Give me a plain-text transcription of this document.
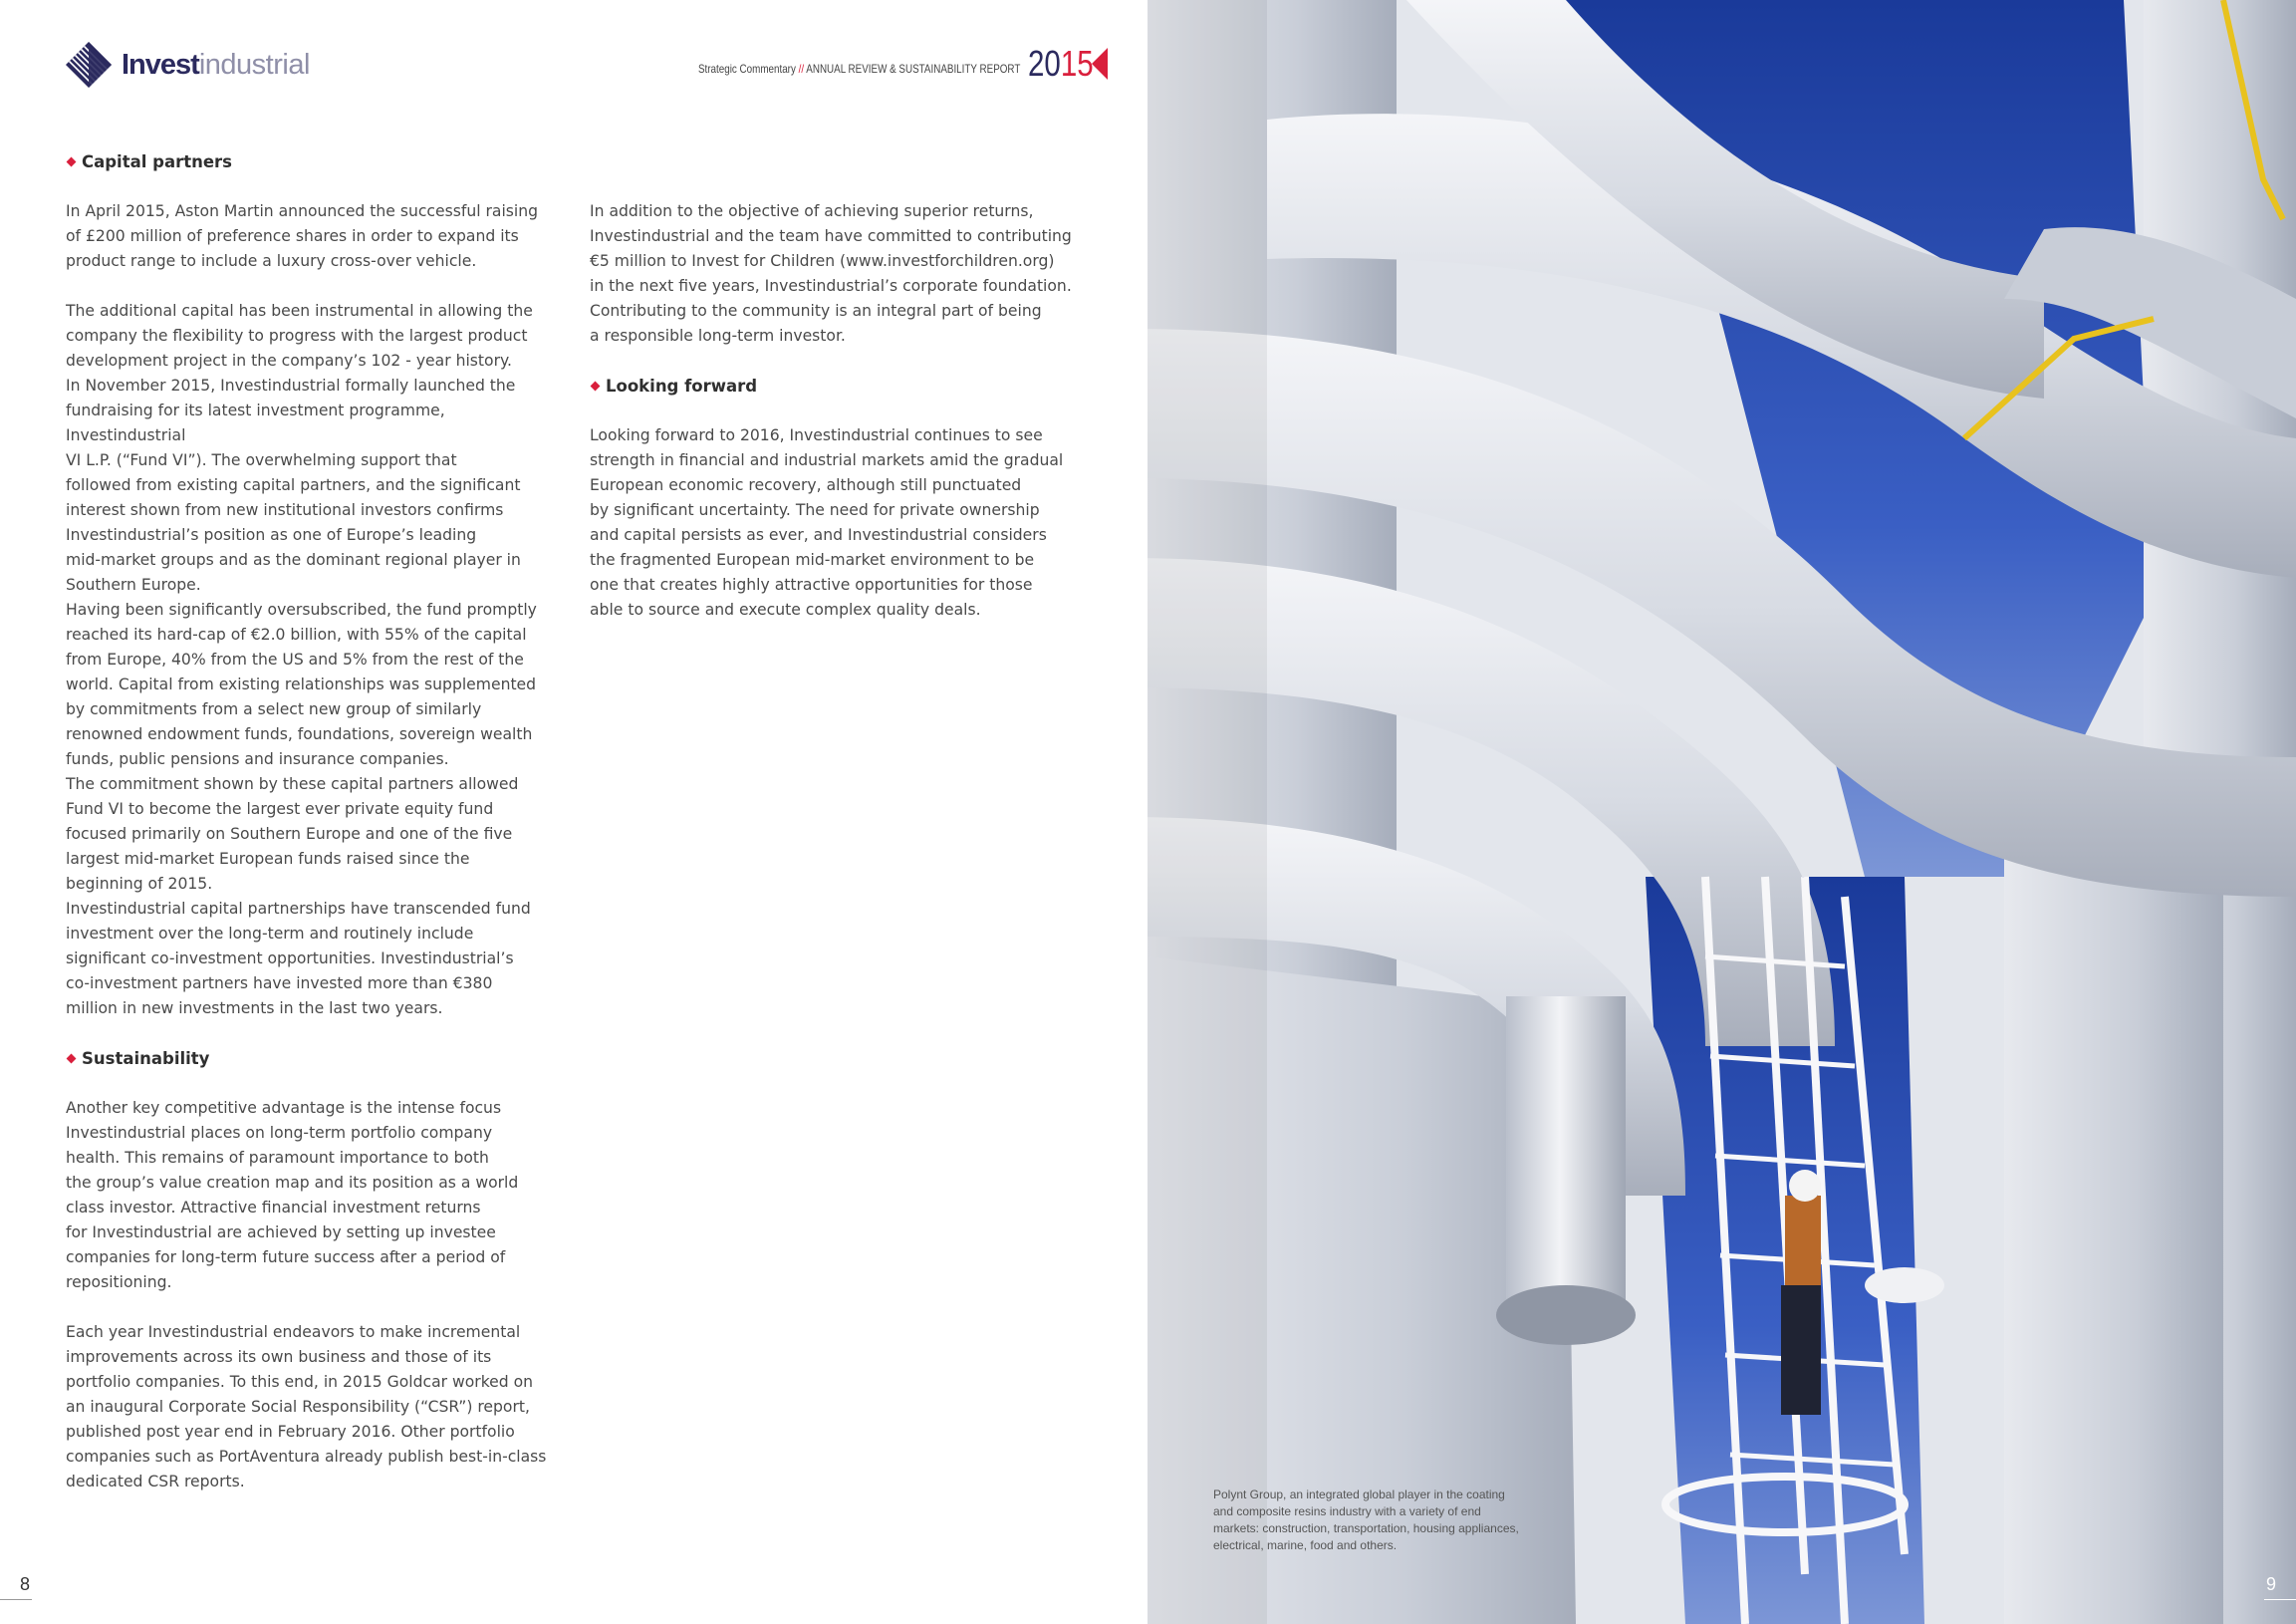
Invest industrial	Strategic Commentary // ANNUAL REVIEW & SUSTAINABILITY REPORT 2015
Capital partners

In April 2015, Aston Martin announced the successful raising
of £200 million of preference shares in order to expand its
product range to include a luxury cross-over vehicle.

The additional capital has been instrumental in allowing the
company the flexibility to progress with the largest product
development project in the company’s 102 - year history.
In November 2015, Investindustrial formally launched the
fundraising for its latest investment programme, Investindustrial
VI L.P. (“Fund VI”). The overwhelming support that
followed from existing capital partners, and the significant
interest shown from new institutional investors confirms
Investindustrial’s position as one of Europe’s leading
mid-market groups and as the dominant regional player in
Southern Europe.
Having been significantly oversubscribed, the fund promptly
reached its hard-cap of €2.0 billion, with 55% of the capital
from Europe, 40% from the US and 5% from the rest of the
world. Capital from existing relationships was supplemented
by commitments from a select new group of similarly
renowned endowment funds, foundations, sovereign wealth
funds, public pensions and insurance companies.
The commitment shown by these capital partners allowed
Fund VI to become the largest ever private equity fund
focused primarily on Southern Europe and one of the five
largest mid-market European funds raised since the
beginning of 2015.
Investindustrial capital partnerships have transcended fund
investment over the long-term and routinely include
significant co-investment opportunities. Investindustrial’s
co-investment partners have invested more than €380
million in new investments in the last two years.

Sustainability

Another key competitive advantage is the intense focus
Investindustrial places on long-term portfolio company
health. This remains of paramount importance to both
the group’s value creation map and its position as a world
class investor. Attractive financial investment returns
for Investindustrial are achieved by setting up investee
companies for long-term future success after a period of
repositioning.

Each year Investindustrial endeavors to make incremental
improvements across its own business and those of its
portfolio companies. To this end, in 2015 Goldcar worked on
an inaugural Corporate Social Responsibility (“CSR”) report,
published post year end in February 2016. Other portfolio
companies such as PortAventura already publish best-in-class
dedicated CSR reports.

In addition to the objective of achieving superior returns,
Investindustrial and the team have committed to contributing
€5 million to Invest for Children (www.investforchildren.org)
in the next five years, Investindustrial’s corporate foundation.
Contributing to the community is an integral part of being
a responsible long-term investor.

Looking forward

Looking forward to 2016, Investindustrial continues to see
strength in financial and industrial markets amid the gradual
European economic recovery, although still punctuated
by significant uncertainty. The need for private ownership
and capital persists as ever, and Investindustrial considers
the fragmented European mid-market environment to be
one that creates highly attractive opportunities for those
able to source and execute complex quality deals.

8
Polynt Group, an integrated global player in the coating
and composite resins industry with a variety of end
markets: construction, transportation, housing appliances,
electrical, marine, food and others.
9
